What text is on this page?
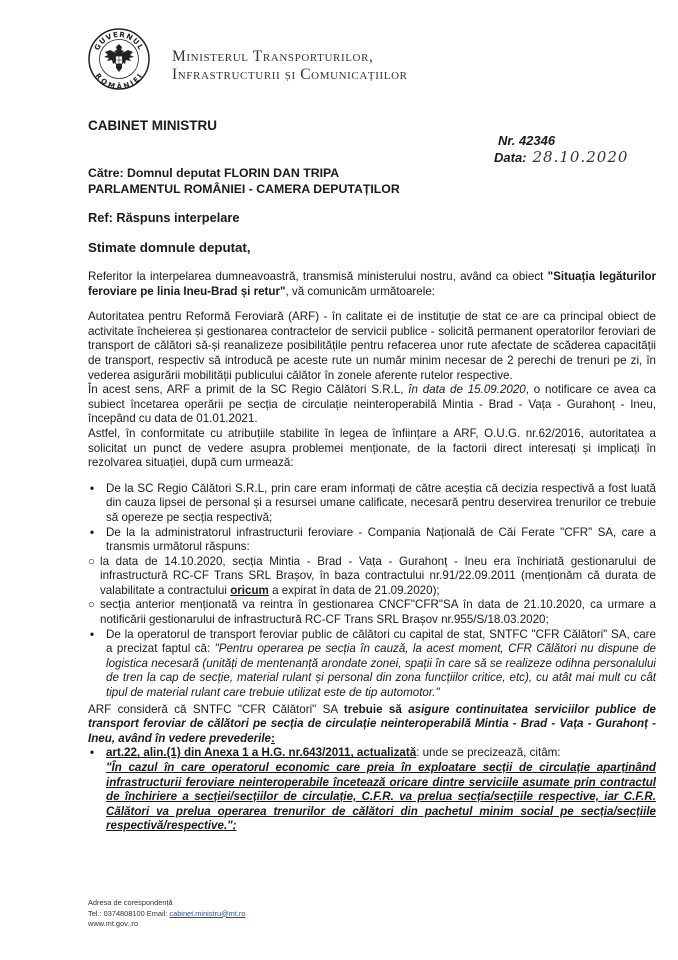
GUVERNUL
ROMÂNIEI
Ministerul Transporturilor,
Infrastructurii și Comunicațiilor
CABINET MINISTRU
Nr. 42346
Data: 28.10.2020
Către: Domnul deputat FLORIN DAN TRIPA
PARLAMENTUL ROMÂNIEI - CAMERA DEPUTAȚILOR
Ref: Răspuns interpelare
Stimate domnule deputat,

Referitor la interpelarea dumneavoastră, transmisă ministerului nostru, având ca obiect "Situația legăturilor feroviare pe linia Ineu-Brad și retur", vă comunicăm următoarele:

Autoritatea pentru Reformă Feroviară (ARF) - în calitate ei de instituție de stat ce are ca principal obiect de activitate încheierea și gestionarea contractelor de servicii publice - solicită permanent operatorilor feroviari de transport de călători să-și reanalizeze posibilitățile pentru refacerea unor rute afectate de scăderea capacității de transport, respectiv să introducă pe aceste rute un număr minim necesar de 2 perechi de trenuri pe zi, în vederea asigurării mobilității publicului călător în zonele aferente rutelor respective.

În acest sens, ARF a primit de la SC Regio Călători S.R.L, în data de 15.09.2020, o notificare ce avea ca subiect încetarea operării pe secția de circulație neinteroperabilă Mintia - Brad - Vața - Gurahonț - Ineu, începând cu data de 01.01.2021.

Astfel, în conformitate cu atribuțiile stabilite în legea de înființare a ARF, O.U.G. nr.62/2016, autoritatea a solicitat un punct de vedere asupra problemei menționate, de la factorii direct interesați și implicați în rezolvarea situației, după cum urmează:

• De la SC Regio Călători S.R.L, prin care eram informați de către aceștia că decizia respectivă a fost luată din cauza lipsei de personal și a resursei umane calificate, necesară pentru deservirea trenurilor ce trebuie să opereze pe secția respectivă;

• De la la administratorul infrastructurii feroviare - Compania Națională de Căi Ferate "CFR" SA, care a transmis următorul răspuns:

○ la data de 14.10.2020, secția Mintia - Brad - Vața - Gurahonț - Ineu era închiriată gestionarului de infrastructură RC-CF Trans SRL Brașov, în baza contractului nr.91/22.09.2011 (menționăm că durata de valabilitate a contractului oricum a expirat în data de 21.09.2020);

○ secția anterior menționată va reintra în gestionarea CNCF"CFR"SA în data de 21.10.2020, ca urmare a notificării gestionarului de infrastructură RC-CF Trans SRL Brașov nr.955/S/18.03.2020;

• De la operatorul de transport feroviar public de călători cu capital de stat, SNTFC "CFR Călători" SA, care a precizat faptul că: "Pentru operarea pe secția în cauză, la acest moment, CFR Călători nu dispune de logistica necesară (unități de mentenanță arondate zonei, spații în care să se realizeze odihna personalului de tren la cap de secție, material rulant și personal din zona funcțiilor critice, etc), cu atât mai mult cu cât tipul de material rulant care trebuie utilizat este de tip automotor."

ARF consideră că SNTFC "CFR Călători" SA trebuie să asigure continuitatea serviciilor publice de transport feroviar de călători pe secția de circulație neinteroperabilă Mintia - Brad - Vața - Gurahonț - Ineu, având în vedere prevederile:

• art.22, alin.(1) din Anexa 1 a H.G. nr.643/2011, actualizată: unde se precizează, citâm:
"În cazul în care operatorul economic care preia în exploatare secții de circulație aparținând infrastructurii feroviare neinteroperabile încetează oricare dintre serviciile asumate prin contractul de închiriere a secției/secțiilor de circulație, C.F.R. va prelua secția/secțiile respective, iar C.F.R. Călători va prelua operarea trenurilor de călători din pachetul minim social pe secția/secțiile respectivă/respective.";

Adresa de corespondență
Tel.: 0374808100 Email: cabinet.ministru@mt.ro
www.mt.gov..ro
